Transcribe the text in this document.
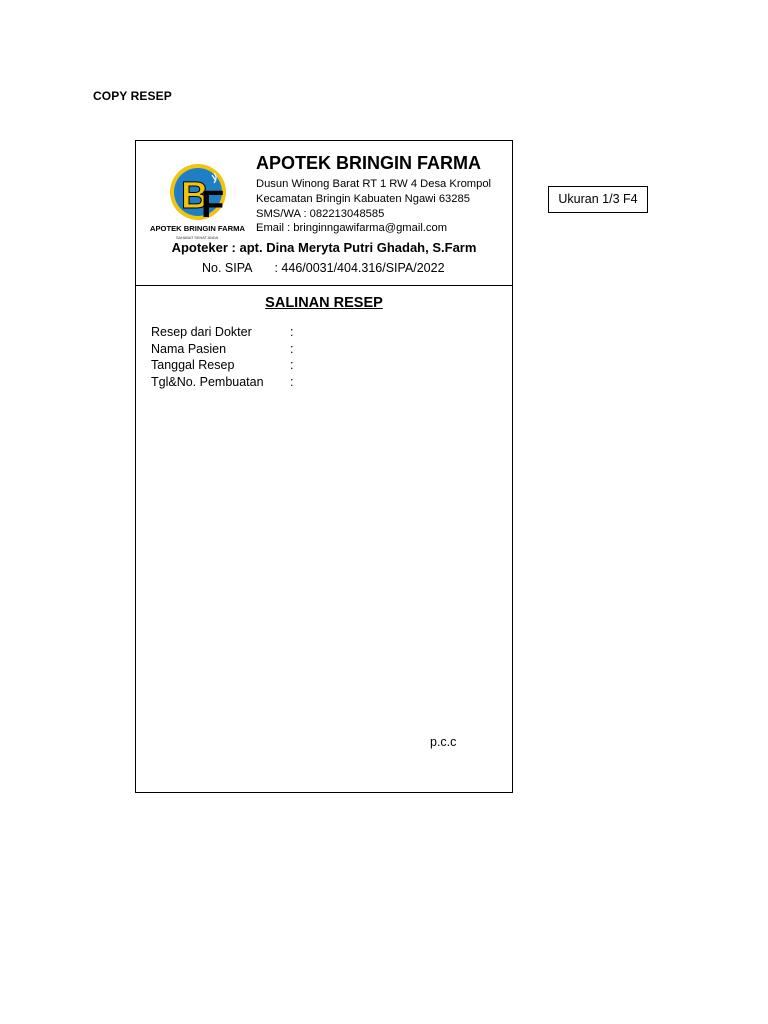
COPY RESEP
Ukuran 1/3 F4
B
F
APOTEK BRINGIN FARMA
SAHABAT SEHAT ANDA
APOTEK BRINGIN FARMA
Dusun Winong Barat RT 1 RW 4 Desa Krompol
Kecamatan Bringin Kabuaten Ngawi 63285
SMS/WA : 082213048585
Email : bringinngawifarma@gmail.com
Apoteker : apt. Dina Meryta Putri Ghadah, S.Farm
No. SIPA : 446/0031/404.316/SIPA/2022
SALINAN RESEP
Resep dari Dokter	:
Nama Pasien	:
Tanggal Resep	:
Tgl&No. Pembuatan :
p.c.c
